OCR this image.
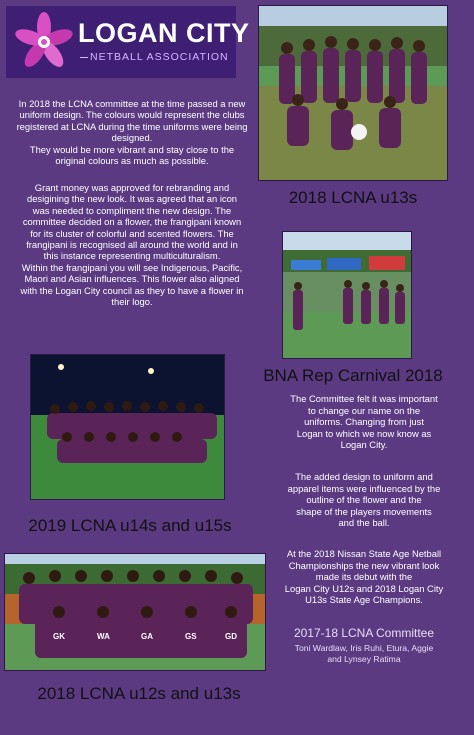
LOGAN CITY
NETBALL ASSOCIATION
In 2018 the LCNA committee at the time passed a new
uniform design. The colours would represent the clubs
registered at LCNA during the time uniforms were being
designed.
They would be more vibrant and stay close to the
original colours as much as possible.
Grant money was approved for rebranding and
desigining the new look. It was agreed that an icon
was needed to compliment the new design. The
committee decided on a flower, the frangipani known
for its cluster of colorful and scented flowers. The
frangipani is recognised all around the world and in
this instance representing multiculturalism.
Within the frangipani you will see Indigenous, Pacific,
Maori and Asian influences. This flower also aligned
with the Logan City council as they to have a flower in
their logo.
2018 LCNA u13s
BNA Rep Carnival 2018
The Committee felt it was important
to change our name on the
uniforms. Changing from just
Logan to which we now know as
Logan City.
The added design to uniform and
apparel items were influenced by the
outline of the flower and the
shape of the players movements
and the ball.
At the 2018 Nissan State Age Netball
Championships the new vibrant look
made its debut with the
Logan City U12s and 2018 Logan City
U13s State Age Champions.
2017-18 LCNA Committee
Toni Wardlaw, Iris Ruhi, Etura, Aggie
and Lynsey Ratima
2019 LCNA u14s and u15s
GK	WA	GA	GS	GD
2018 LCNA u12s and u13s
